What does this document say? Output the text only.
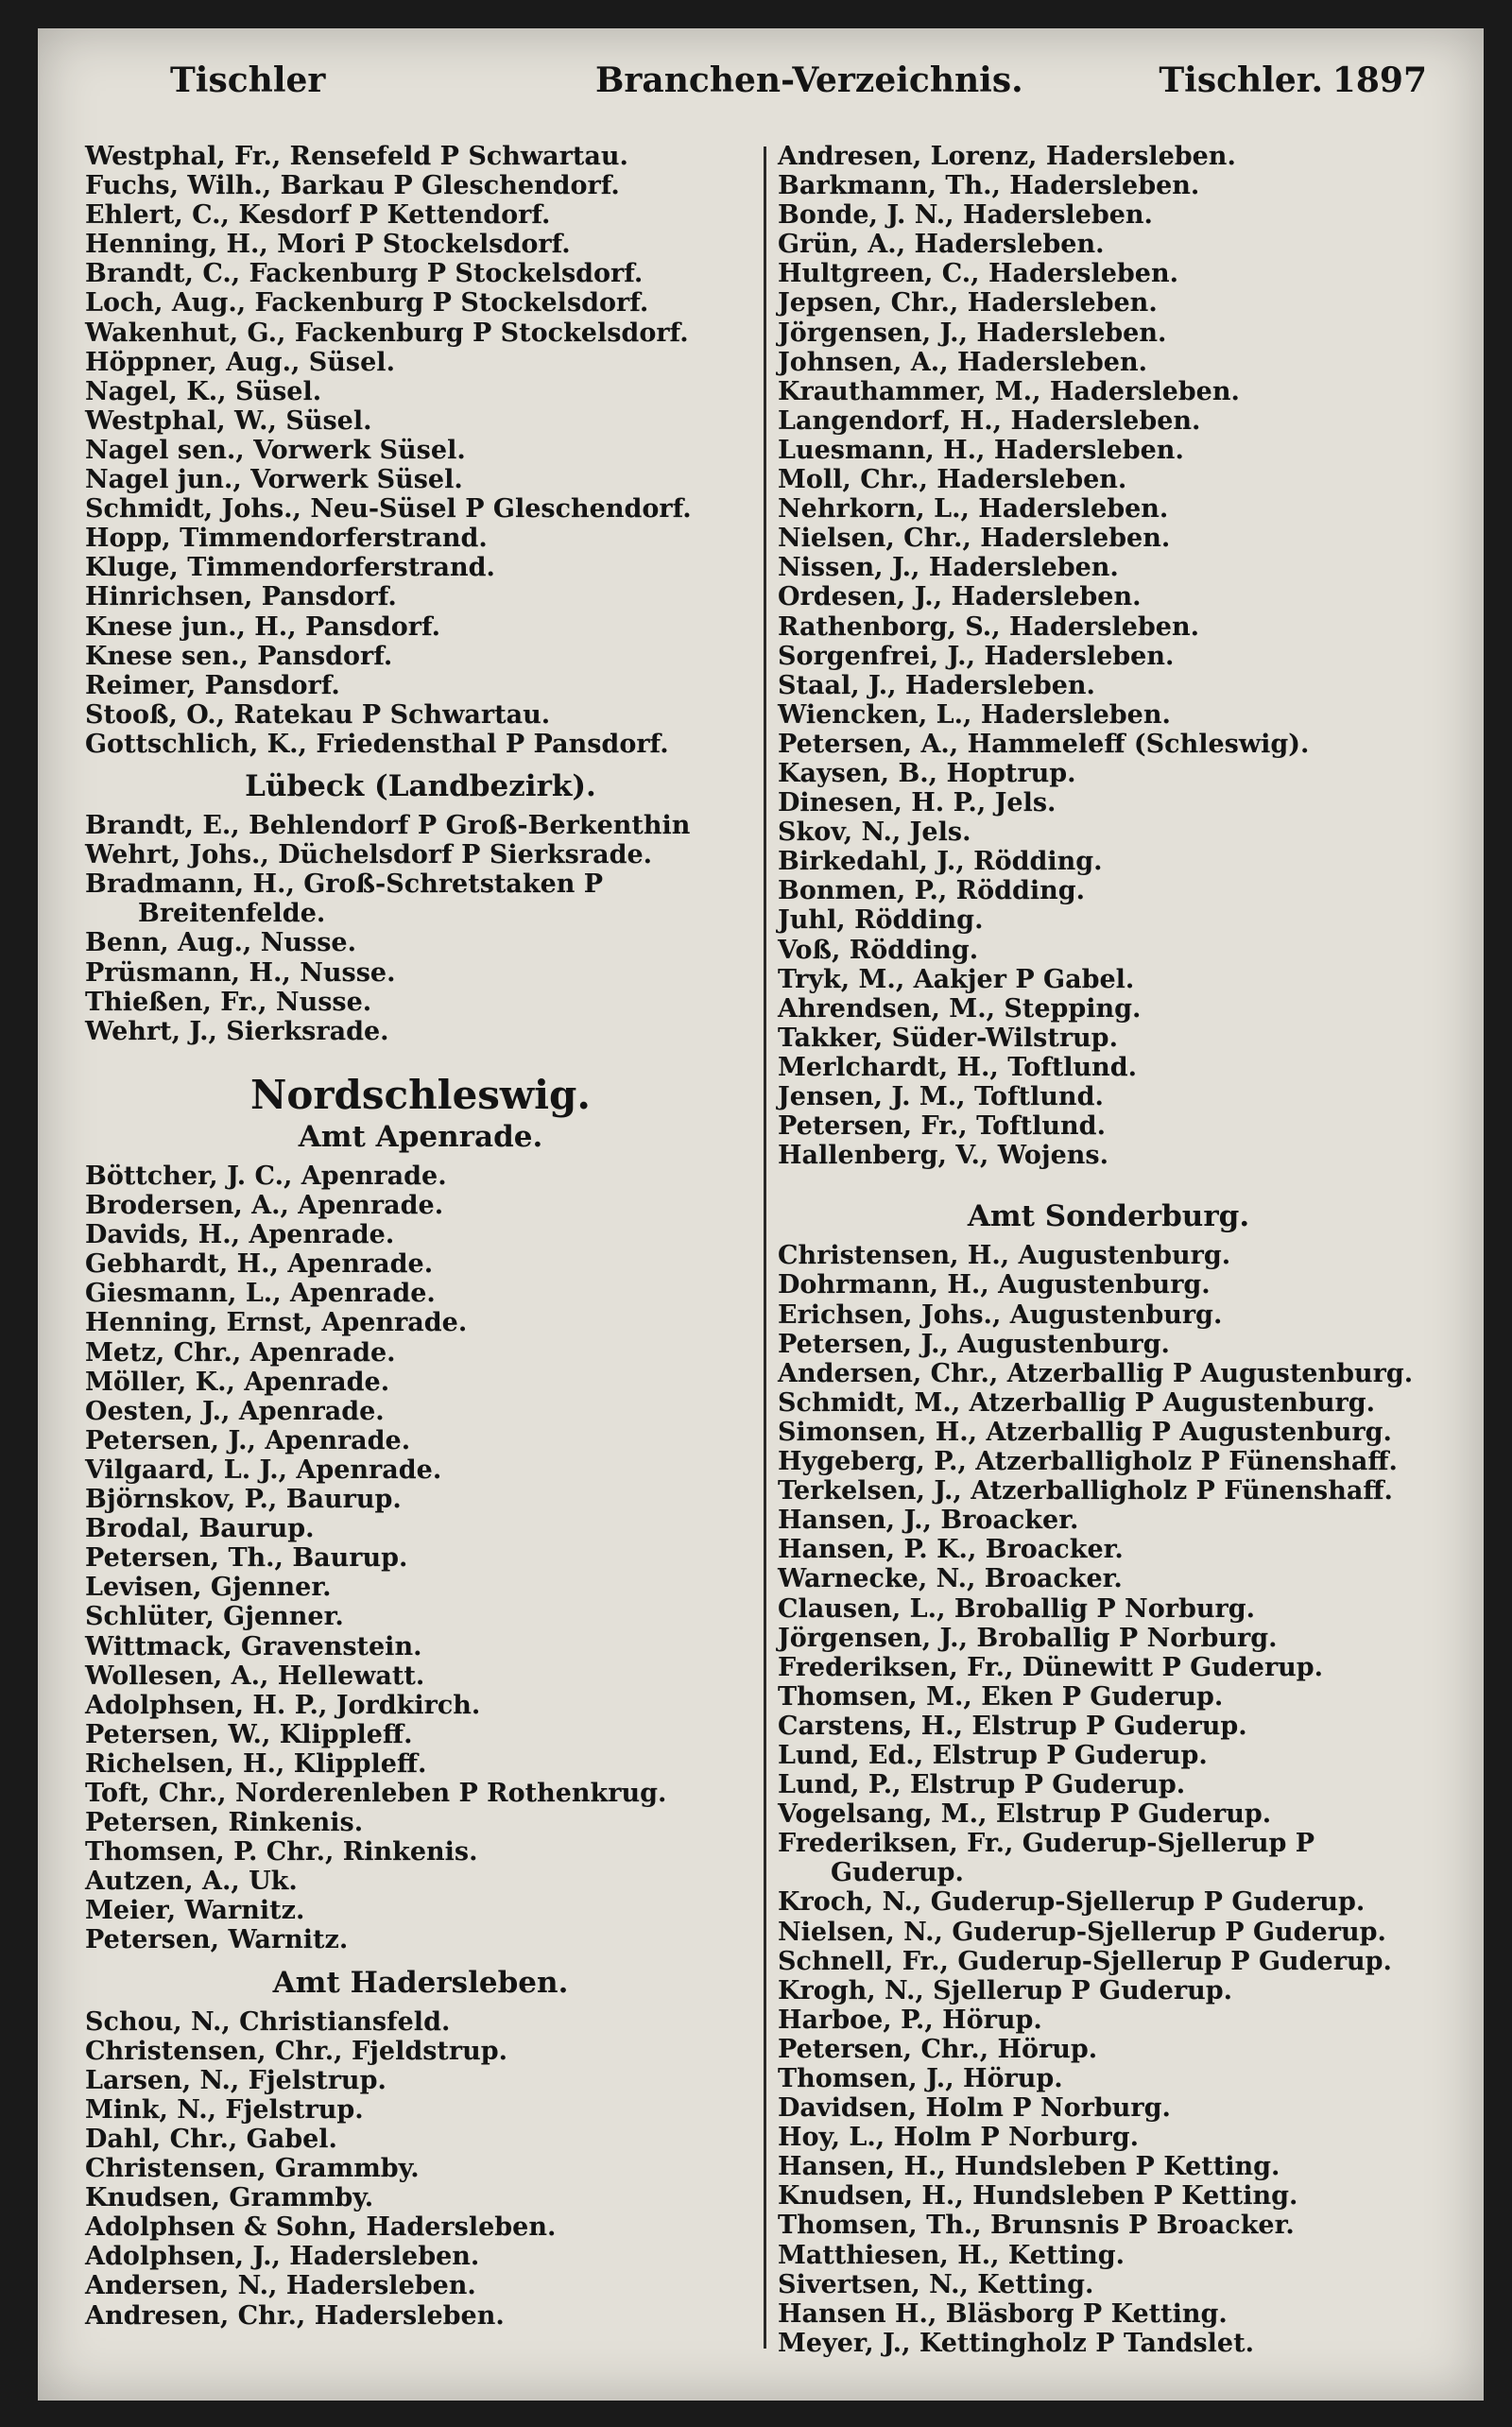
Tischler	Branchen-Verzeichnis.	Tischler. 1897
Westphal, Fr., Rensefeld P Schwartau.
Fuchs, Wilh., Barkau P Gleschendorf.
Ehlert, C., Kesdorf P Kettendorf.
Henning, H., Mori P Stockelsdorf.
Brandt, C., Fackenburg P Stockelsdorf.
Loch, Aug., Fackenburg P Stockelsdorf.
Wakenhut, G., Fackenburg P Stockelsdorf.
Höppner, Aug., Süsel.
Nagel, K., Süsel.
Westphal, W., Süsel.
Nagel sen., Vorwerk Süsel.
Nagel jun., Vorwerk Süsel.
Schmidt, Johs., Neu-Süsel P Gleschendorf.
Hopp, Timmendorferstrand.
Kluge, Timmendorferstrand.
Hinrichsen, Pansdorf.
Knese jun., H., Pansdorf.
Knese sen., Pansdorf.
Reimer, Pansdorf.
Stooß, O., Ratekau P Schwartau.
Gottschlich, K., Friedensthal P Pansdorf.
Lübeck (Landbezirk).
Brandt, E., Behlendorf P Groß-Berkenthin
Wehrt, Johs., Düchelsdorf P Sierksrade.
Bradmann, H., Groß-Schretstaken P
Breitenfelde.
Benn, Aug., Nusse.
Prüsmann, H., Nusse.
Thießen, Fr., Nusse.
Wehrt, J., Sierksrade.
Nordschleswig.
Amt Apenrade.
Böttcher, J. C., Apenrade.
Brodersen, A., Apenrade.
Davids, H., Apenrade.
Gebhardt, H., Apenrade.
Giesmann, L., Apenrade.
Henning, Ernst, Apenrade.
Metz, Chr., Apenrade.
Möller, K., Apenrade.
Oesten, J., Apenrade.
Petersen, J., Apenrade.
Vilgaard, L. J., Apenrade.
Björnskov, P., Baurup.
Brodal, Baurup.
Petersen, Th., Baurup.
Levisen, Gjenner.
Schlüter, Gjenner.
Wittmack, Gravenstein.
Wollesen, A., Hellewatt.
Adolphsen, H. P., Jordkirch.
Petersen, W., Klippleff.
Richelsen, H., Klippleff.
Toft, Chr., Norderenleben P Rothenkrug.
Petersen, Rinkenis.
Thomsen, P. Chr., Rinkenis.
Autzen, A., Uk.
Meier, Warnitz.
Petersen, Warnitz.
Amt Hadersleben.
Schou, N., Christiansfeld.
Christensen, Chr., Fjeldstrup.
Larsen, N., Fjelstrup.
Mink, N., Fjelstrup.
Dahl, Chr., Gabel.
Christensen, Grammby.
Knudsen, Grammby.
Adolphsen & Sohn, Hadersleben.
Adolphsen, J., Hadersleben.
Andersen, N., Hadersleben.
Andresen, Chr., Hadersleben.
Andresen, Lorenz, Hadersleben.
Barkmann, Th., Hadersleben.
Bonde, J. N., Hadersleben.
Grün, A., Hadersleben.
Hultgreen, C., Hadersleben.
Jepsen, Chr., Hadersleben.
Jörgensen, J., Hadersleben.
Johnsen, A., Hadersleben.
Krauthammer, M., Hadersleben.
Langendorf, H., Hadersleben.
Luesmann, H., Hadersleben.
Moll, Chr., Hadersleben.
Nehrkorn, L., Hadersleben.
Nielsen, Chr., Hadersleben.
Nissen, J., Hadersleben.
Ordesen, J., Hadersleben.
Rathenborg, S., Hadersleben.
Sorgenfrei, J., Hadersleben.
Staal, J., Hadersleben.
Wiencken, L., Hadersleben.
Petersen, A., Hammeleff (Schleswig).
Kaysen, B., Hoptrup.
Dinesen, H. P., Jels.
Skov, N., Jels.
Birkedahl, J., Rödding.
Bonmen, P., Rödding.
Juhl, Rödding.
Voß, Rödding.
Tryk, M., Aakjer P Gabel.
Ahrendsen, M., Stepping.
Takker, Süder-Wilstrup.
Merlchardt, H., Toftlund.
Jensen, J. M., Toftlund.
Petersen, Fr., Toftlund.
Hallenberg, V., Wojens.
Amt Sonderburg.
Christensen, H., Augustenburg.
Dohrmann, H., Augustenburg.
Erichsen, Johs., Augustenburg.
Petersen, J., Augustenburg.
Andersen, Chr., Atzerballig P Augustenburg.
Schmidt, M., Atzerballig P Augustenburg.
Simonsen, H., Atzerballig P Augustenburg.
Hygeberg, P., Atzerballigholz P Fünenshaff.
Terkelsen, J., Atzerballigholz P Fünenshaff.
Hansen, J., Broacker.
Hansen, P. K., Broacker.
Warnecke, N., Broacker.
Clausen, L., Broballig P Norburg.
Jörgensen, J., Broballig P Norburg.
Frederiksen, Fr., Dünewitt P Guderup.
Thomsen, M., Eken P Guderup.
Carstens, H., Elstrup P Guderup.
Lund, Ed., Elstrup P Guderup.
Lund, P., Elstrup P Guderup.
Vogelsang, M., Elstrup P Guderup.
Frederiksen, Fr., Guderup-Sjellerup P
Guderup.
Kroch, N., Guderup-Sjellerup P Guderup.
Nielsen, N., Guderup-Sjellerup P Guderup.
Schnell, Fr., Guderup-Sjellerup P Guderup.
Krogh, N., Sjellerup P Guderup.
Harboe, P., Hörup.
Petersen, Chr., Hörup.
Thomsen, J., Hörup.
Davidsen, Holm P Norburg.
Hoy, L., Holm P Norburg.
Hansen, H., Hundsleben P Ketting.
Knudsen, H., Hundsleben P Ketting.
Thomsen, Th., Brunsnis P Broacker.
Matthiesen, H., Ketting.
Sivertsen, N., Ketting.
Hansen H., Bläsborg P Ketting.
Meyer, J., Kettingholz P Tandslet.
